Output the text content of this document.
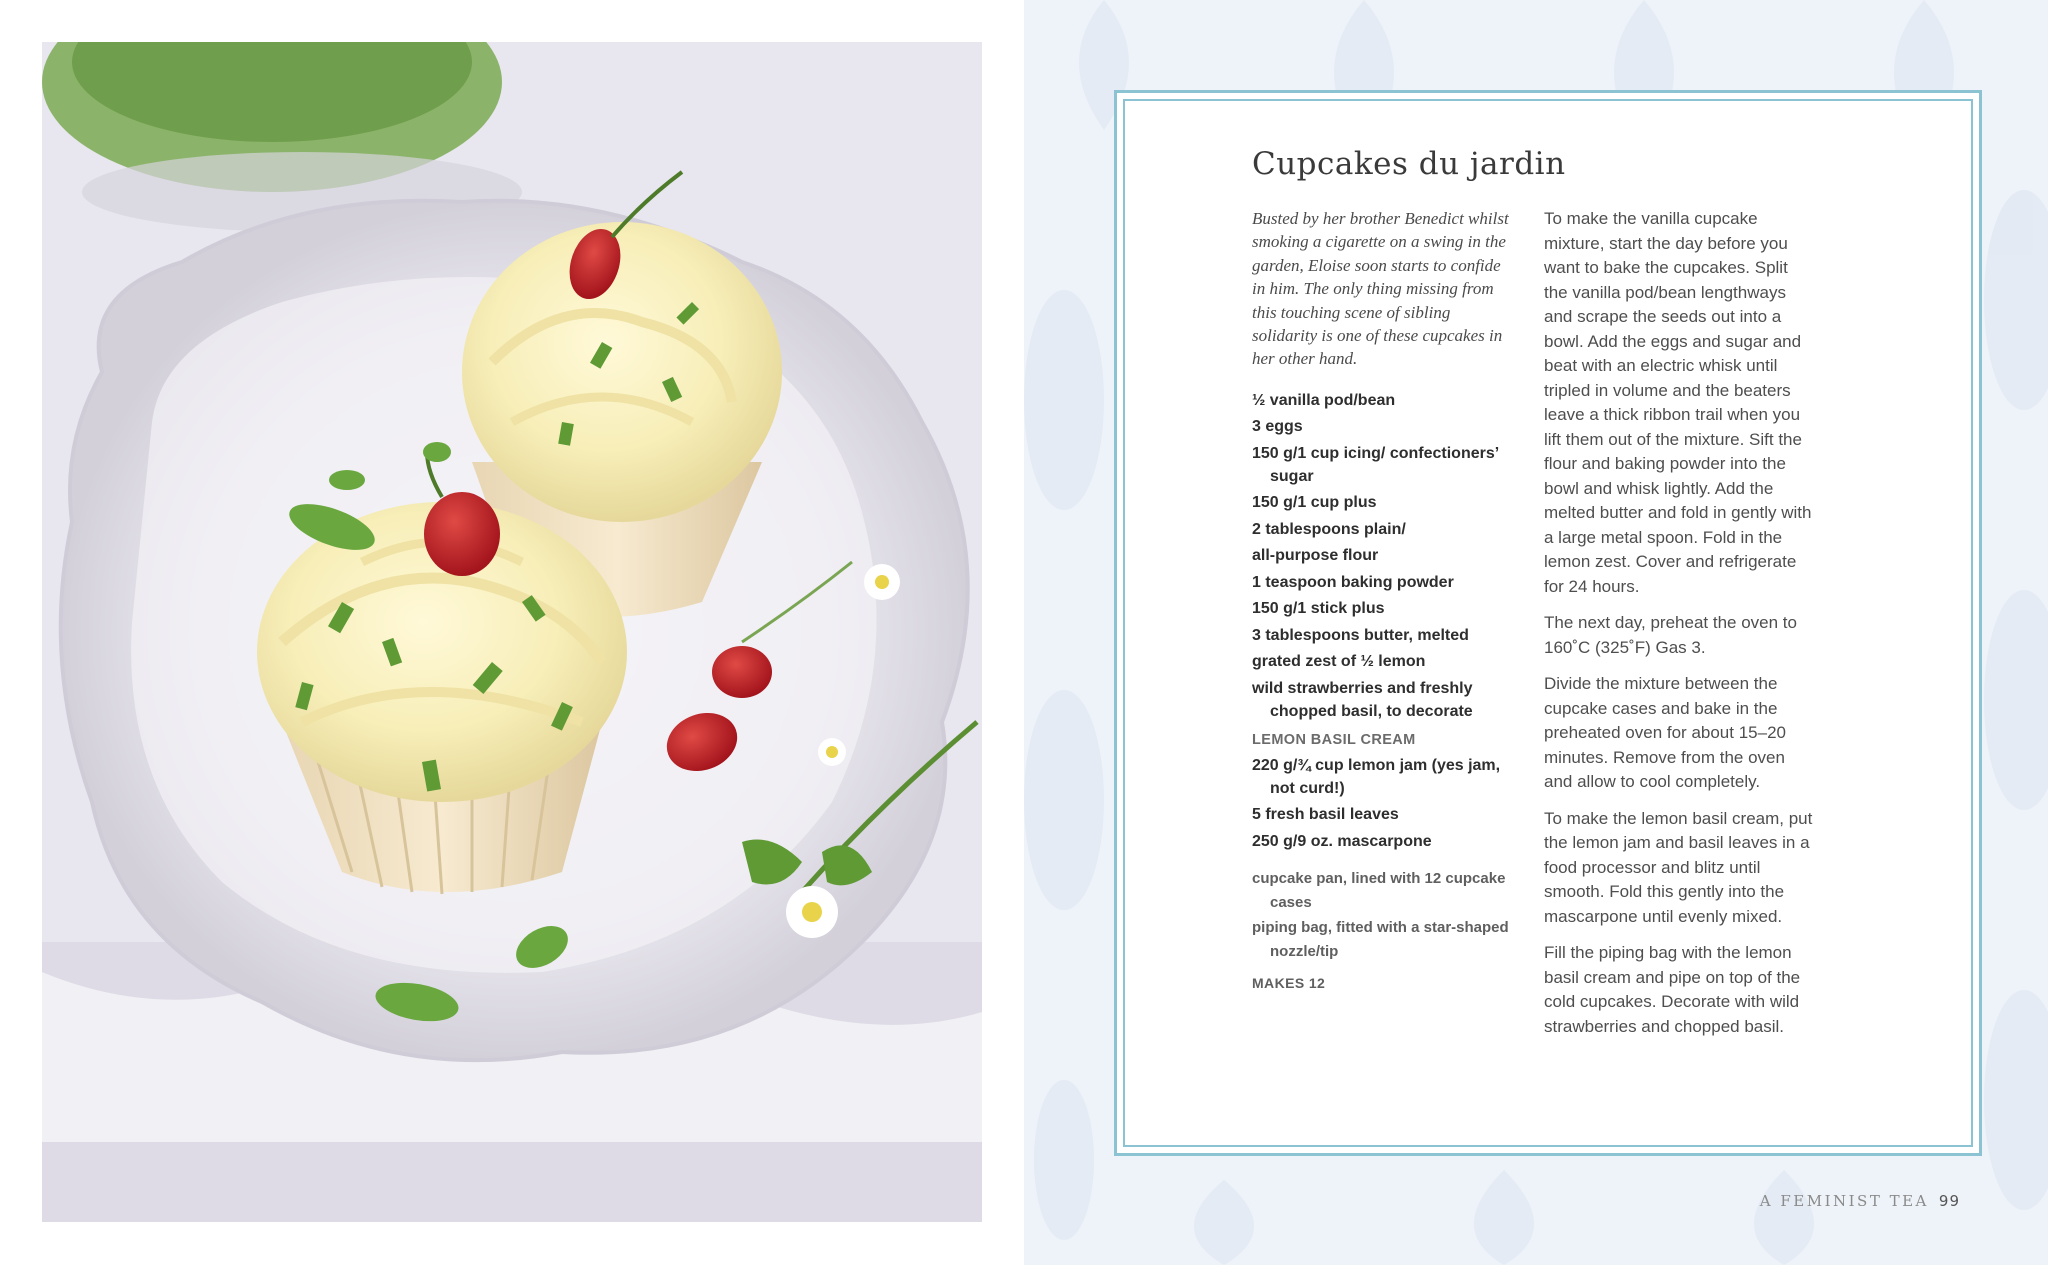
A FEMINIST TEA 99
Cupcakes du jardin

Busted by her brother Benedict whilst smoking a cigarette on a swing in the garden, Eloise soon starts to confide in him. The only thing missing from this touching scene of sibling solidarity is one of these cupcakes in her other hand.

½ vanilla pod/bean
3 eggs
150 g/1 cup icing/ confectioners’ sugar
150 g/1 cup plus
2 tablespoons plain/
all-purpose flour
1 teaspoon baking powder
150 g/1 stick plus
3 tablespoons butter, melted
grated zest of ½ lemon
wild strawberries and freshly chopped basil, to decorate
LEMON BASIL CREAM
220 g/¾ cup lemon jam (yes jam, not curd!)
5 fresh basil leaves
250 g/9 oz. mascarpone
cupcake pan, lined with 12 cupcake cases
piping bag, fitted with a star-shaped nozzle/tip
MAKES 12

To make the vanilla cupcake mixture, start the day before you want to bake the cupcakes. Split the vanilla pod/bean lengthways and scrape the seeds out into a bowl. Add the eggs and sugar and beat with an electric whisk until tripled in volume and the beaters leave a thick ribbon trail when you lift them out of the mixture. Sift the flour and baking powder into the bowl and whisk lightly. Add the melted butter and fold in gently with a large metal spoon. Fold in the lemon zest. Cover and refrigerate for 24 hours.

The next day, preheat the oven to 160˚C (325˚F) Gas 3.

Divide the mixture between the cupcake cases and bake in the preheated oven for about 15–20 minutes. Remove from the oven and allow to cool completely.

To make the lemon basil cream, put the lemon jam and basil leaves in a food processor and blitz until smooth. Fold this gently into the mascarpone until evenly mixed.

Fill the piping bag with the lemon basil cream and pipe on top of the cold cupcakes. Decorate with wild strawberries and chopped basil.
